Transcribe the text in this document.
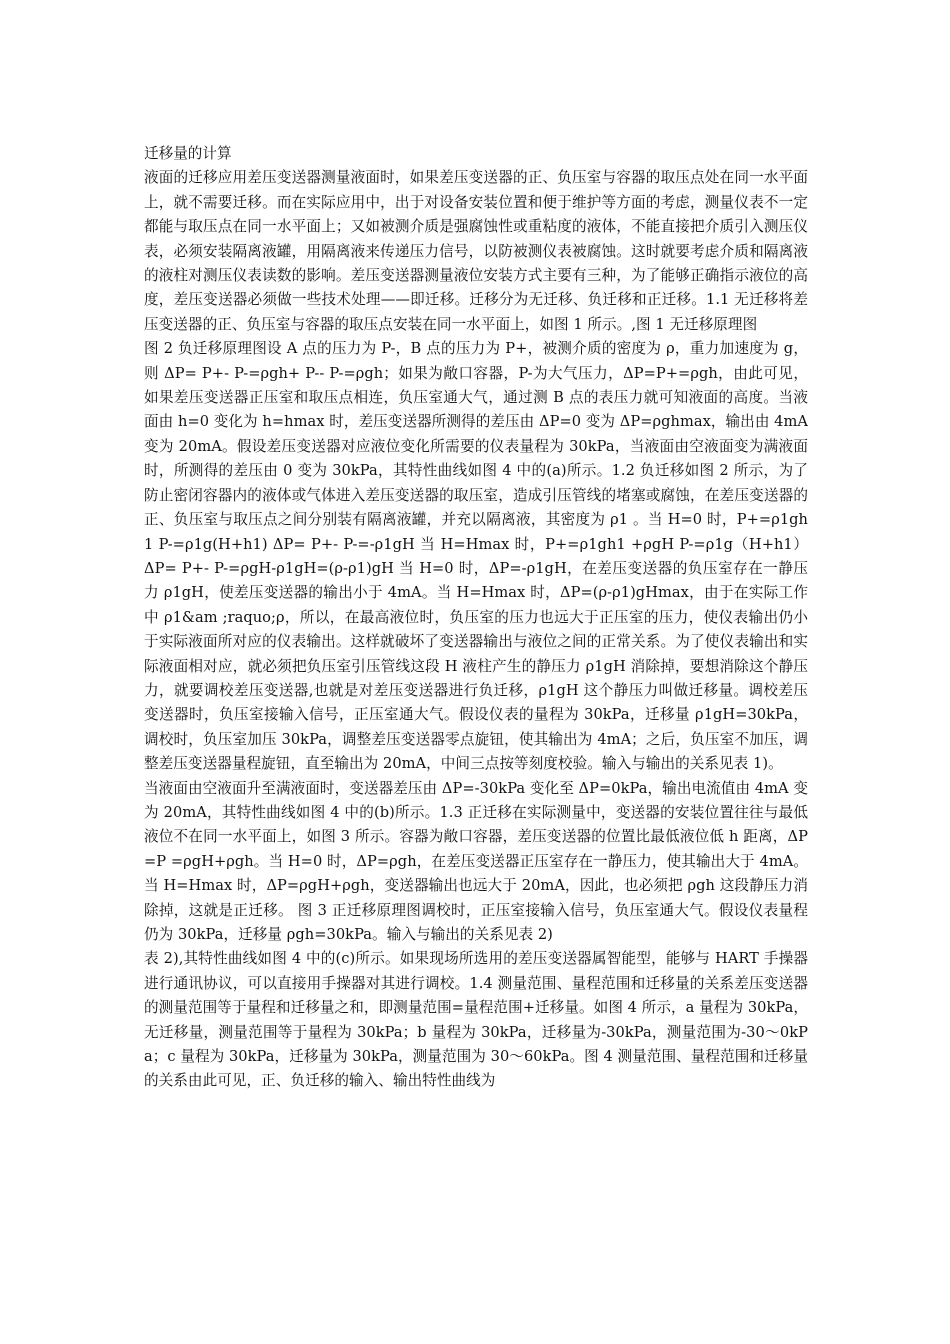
迁移量的计算

液面的迁移应用差压变送器测量液面时，如果差压变送器的正、负压室与容器的取压点处在同一水平面上，就不需要迁移。而在实际应用中，出于对设备安装位置和便于维护等方面的考虑，测量仪表不一定都能与取压点在同一水平面上；又如被测介质是强腐蚀性或重粘度的液体，不能直接把介质引入测压仪表，必须安装隔离液罐，用隔离液来传递压力信号，以防被测仪表被腐蚀。这时就要考虑介质和隔离液的液柱对测压仪表读数的影响。差压变送器测量液位安装方式主要有三种，为了能够正确指示液位的高度，差压变送器必须做一些技术处理——即迁移。迁移分为无迁移、负迁移和正迁移。1.1 无迁移将差压变送器的正、负压室与容器的取压点安装在同一水平面上，如图 1 所示。,图 1 无迁移原理图

图 2 负迁移原理图设 A 点的压力为 P-，B 点的压力为 P+，被测介质的密度为 ρ，重力加速度为 g，则 ΔP= P+- P-=ρgh+ P-- P-=ρgh；如果为敞口容器，P-为大气压力，ΔP=P+=ρgh，由此可见，如果差压变送器正压室和取压点相连，负压室通大气，通过测 B 点的表压力就可知液面的高度。当液面由 h=0 变化为 h=hmax 时，差压变送器所测得的差压由 ΔP=0 变为 ΔP=ρghmax，输出由 4mA 变为 20mA。假设差压变送器对应液位变化所需要的仪表量程为 30kPa，当液面由空液面变为满液面时，所测得的差压由 0 变为 30kPa，其特性曲线如图 4 中的(a)所示。1.2 负迁移如图 2 所示，为了防止密闭容器内的液体或气体进入差压变送器的取压室，造成引压管线的堵塞或腐蚀，在差压变送器的正、负压室与取压点之间分别装有隔离液罐，并充以隔离液，其密度为 ρ1 。当 H=0 时，P+=ρ1gh1 P-=ρ1g(H+h1) ΔP= P+- P-=-ρ1gH 当 H=Hmax 时，P+=ρ1gh1 +ρgH P-=ρ1g（H+h1） ΔP= P+- P-=ρgH-ρ1gH=(ρ-ρ1)gH 当 H=0 时，ΔP=-ρ1gH，在差压变送器的负压室存在一静压力 ρ1gH，使差压变送器的输出小于 4mA。当 H=Hmax 时，ΔP=(ρ-ρ1)gHmax，由于在实际工作中 ρ1&am ;raquo;ρ，所以，在最高液位时，负压室的压力也远大于正压室的压力，使仪表输出仍小于实际液面所对应的仪表输出。这样就破坏了变送器输出与液位之间的正常关系。为了使仪表输出和实际液面相对应，就必须把负压室引压管线这段 H 液柱产生的静压力 ρ1gH 消除掉，要想消除这个静压力，就要调校差压变送器,也就是对差压变送器进行负迁移，ρ1gH 这个静压力叫做迁移量。调校差压变送器时，负压室接输入信号，正压室通大气。假设仪表的量程为 30kPa，迁移量 ρ1gH=30kPa，调校时，负压室加压 30kPa，调整差压变送器零点旋钮，使其输出为 4mA；之后，负压室不加压，调整差压变送器量程旋钮，直至输出为 20mA，中间三点按等刻度校验。输入与输出的关系见表 1)。

当液面由空液面升至满液面时，变送器差压由 ΔP=-30kPa 变化至 ΔP=0kPa，输出电流值由 4mA 变为 20mA，其特性曲线如图 4 中的(b)所示。1.3 正迁移在实际测量中，变送器的安装位置往往与最低液位不在同一水平面上，如图 3 所示。容器为敞口容器，差压变送器的位置比最低液位低 h 距离，ΔP=P =ρgH+ρgh。当 H=0 时，ΔP=ρgh，在差压变送器正压室存在一静压力，使其输出大于 4mA。当 H=Hmax 时，ΔP=ρgH+ρgh，变送器输出也远大于 20mA，因此，也必须把 ρgh 这段静压力消除掉，这就是正迁移。 图 3 正迁移原理图调校时，正压室接输入信号，负压室通大气。假设仪表量程仍为 30kPa，迁移量 ρgh=30kPa。输入与输出的关系见表 2)

表 2),其特性曲线如图 4 中的(c)所示。如果现场所选用的差压变送器属智能型，能够与 HART 手操器进行通讯协议，可以直接用手操器对其进行调校。1.4 测量范围、量程范围和迁移量的关系差压变送器的测量范围等于量程和迁移量之和，即测量范围=量程范围+迁移量。如图 4 所示，a 量程为 30kPa，无迁移量，测量范围等于量程为 30kPa；b 量程为 30kPa，迁移量为-30kPa，测量范围为-30～0kPa；c 量程为 30kPa，迁移量为 30kPa，测量范围为 30～60kPa。图 4 测量范围、量程范围和迁移量的关系由此可见，正、负迁移的输入、输出特性曲线为
